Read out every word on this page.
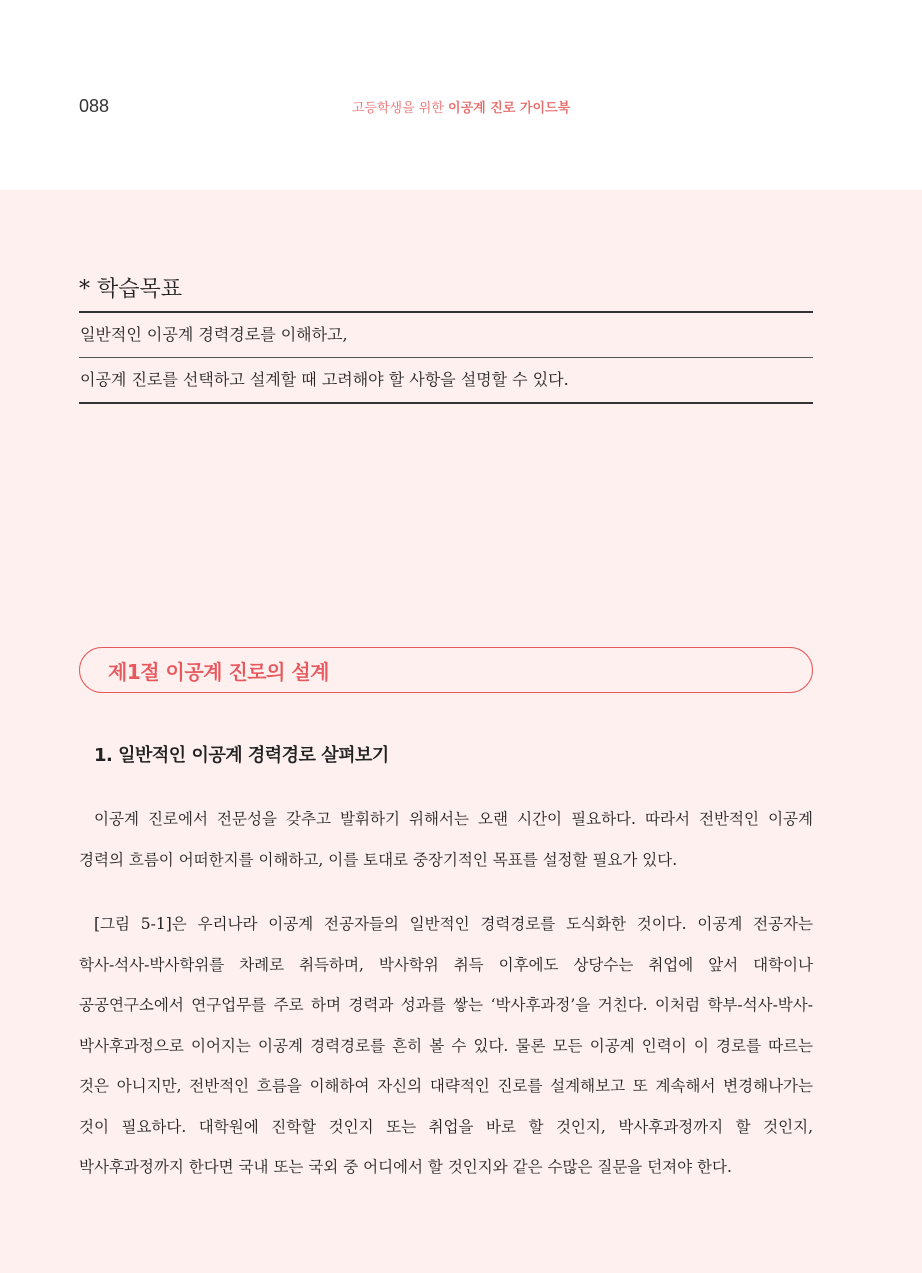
088	고등학생을 위한 이공계 진로 가이드북
* 학습목표
일반적인 이공계 경력경로를 이해하고,
이공계 진로를 선택하고 설계할 때 고려해야 할 사항을 설명할 수 있다.
제1절 이공계 진로의 설계
1. 일반적인 이공계 경력경로 살펴보기
이공계 진로에서 전문성을 갖추고 발휘하기 위해서는 오랜 시간이 필요하다. 따라서 전반적인 이공계
경력의 흐름이 어떠한지를 이해하고, 이를 토대로 중장기적인 목표를 설정할 필요가 있다.
[그림 5-1]은 우리나라 이공계 전공자들의 일반적인 경력경로를 도식화한 것이다. 이공계 전공자는
학사-석사-박사학위를 차례로 취득하며, 박사학위 취득 이후에도 상당수는 취업에 앞서 대학이나
공공연구소에서 연구업무를 주로 하며 경력과 성과를 쌓는 ‘박사후과정’을 거친다. 이처럼 학부-석사-박사-
박사후과정으로 이어지는 이공계 경력경로를 흔히 볼 수 있다. 물론 모든 이공계 인력이 이 경로를 따르는
것은 아니지만, 전반적인 흐름을 이해하여 자신의 대략적인 진로를 설계해보고 또 계속해서 변경해나가는
것이 필요하다. 대학원에 진학할 것인지 또는 취업을 바로 할 것인지, 박사후과정까지 할 것인지,
박사후과정까지 한다면 국내 또는 국외 중 어디에서 할 것인지와 같은 수많은 질문을 던져야 한다.
